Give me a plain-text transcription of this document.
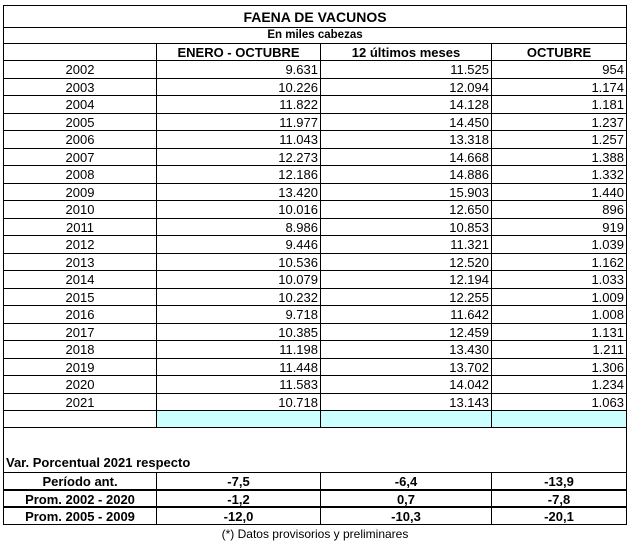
FAENA DE VACUNOS
En miles cabezas
ENERO - OCTUBRE	12 últimos meses	OCTUBRE
2002	9.631	11.525	954
2003	10.226	12.094	1.174
2004	11.822	14.128	1.181
2005	11.977	14.450	1.237
2006	11.043	13.318	1.257
2007	12.273	14.668	1.388
2008	12.186	14.886	1.332
2009	13.420	15.903	1.440
2010	10.016	12.650	896
2011	8.986	10.853	919
2012	9.446	11.321	1.039
2013	10.536	12.520	1.162
2014	10.079	12.194	1.033
2015	10.232	12.255	1.009
2016	9.718	11.642	1.008
2017	10.385	12.459	1.131
2018	11.198	13.430	1.211
2019	11.448	13.702	1.306
2020	11.583	14.042	1.234
2021	10.718	13.143	1.063
Var. Porcentual 2021 respecto
Período ant.	-7,5	-6,4	-13,9
Prom. 2002 - 2020	-1,2	0,7	-7,8
Prom. 2005 - 2009	-12,0	-10,3	-20,1
(*) Datos provisorios y preliminares
